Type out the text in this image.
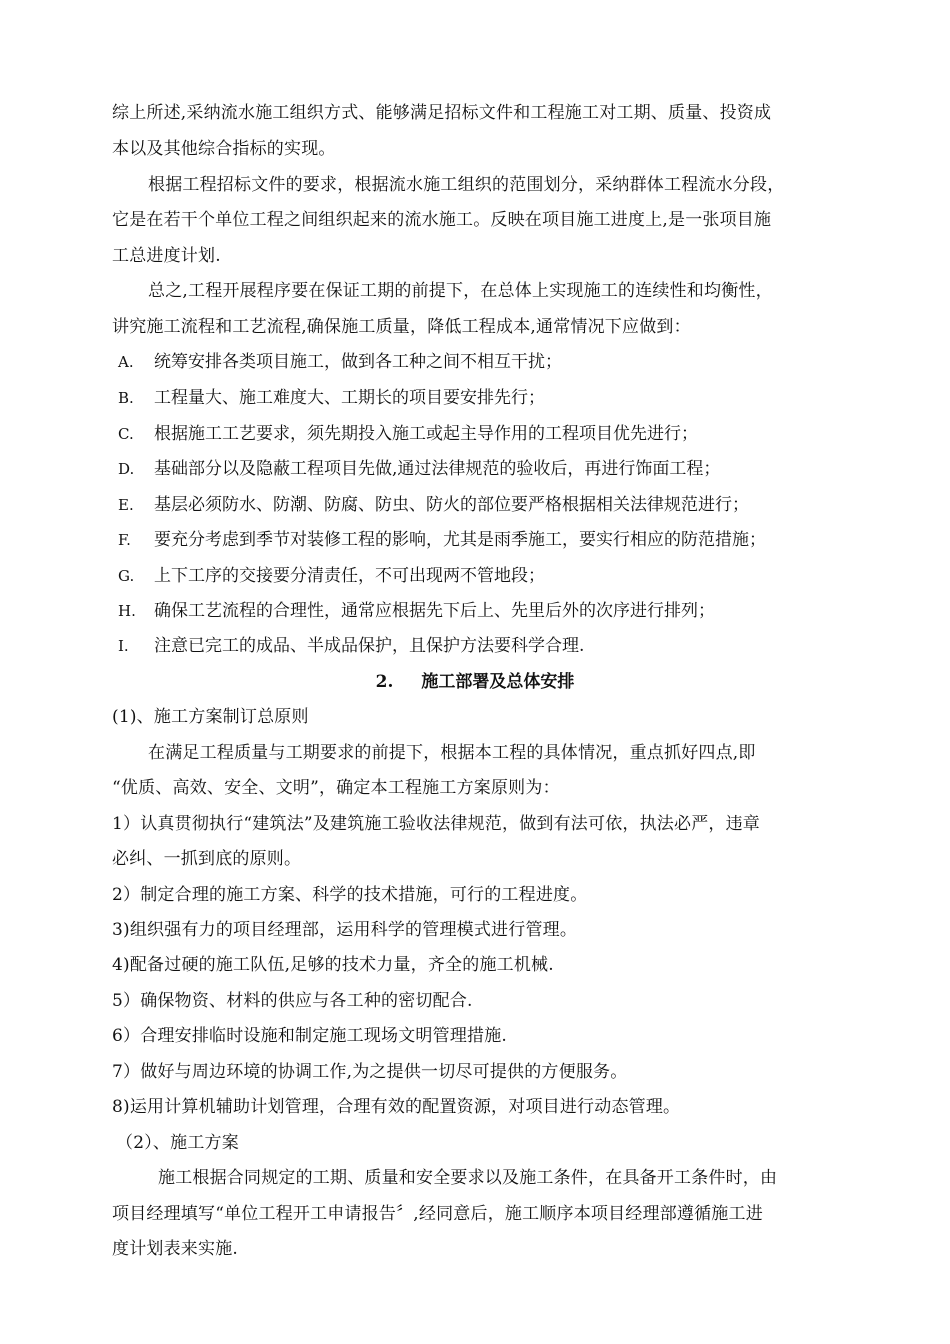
综上所述,采纳流水施工组织方式、能够满足招标文件和工程施工对工期、质量、投资成
本以及其他综合指标的实现。
根据工程招标文件的要求，根据流水施工组织的范围划分，采纳群体工程流水分段，
它是在若干个单位工程之间组织起来的流水施工。反映在项目施工进度上,是一张项目施
工总进度计划.
总之,工程开展程序要在保证工期的前提下，在总体上实现施工的连续性和均衡性，
讲究施工流程和工艺流程,确保施工质量，降低工程成本,通常情况下应做到：
A. 统筹安排各类项目施工，做到各工种之间不相互干扰；
B. 工程量大、施工难度大、工期长的项目要安排先行；
C. 根据施工工艺要求，须先期投入施工或起主导作用的工程项目优先进行；
D. 基础部分以及隐蔽工程项目先做,通过法律规范的验收后，再进行饰面工程；
E. 基层必须防水、防潮、防腐、防虫、防火的部位要严格根据相关法律规范进行；
F. 要充分考虑到季节对装修工程的影响，尤其是雨季施工，要实行相应的防范措施；
G. 上下工序的交接要分清责任，不可出现两不管地段；
H. 确保工艺流程的合理性，通常应根据先下后上、先里后外的次序进行排列；
I. 注意已完工的成品、半成品保护，且保护方法要科学合理.
2. 施工部署及总体安排
(1)、施工方案制订总原则
在满足工程质量与工期要求的前提下，根据本工程的具体情况，重点抓好四点,即
“优质、高效、安全、文明”，确定本工程施工方案原则为：
1）认真贯彻执行“建筑法”及建筑施工验收法律规范，做到有法可依，执法必严，违章
必纠、一抓到底的原则。
2）制定合理的施工方案、科学的技术措施，可行的工程进度。
3)组织强有力的项目经理部，运用科学的管理模式进行管理。
4)配备过硬的施工队伍,足够的技术力量，齐全的施工机械.
5）确保物资、材料的供应与各工种的密切配合.
6）合理安排临时设施和制定施工现场文明管理措施.
7）做好与周边环境的协调工作,为之提供一切尽可提供的方便服务。
8)运用计算机辅助计划管理，合理有效的配置资源，对项目进行动态管理。
（2）、施工方案
施工根据合同规定的工期、质量和安全要求以及施工条件，在具备开工条件时，由
项目经理填写“单位工程开工申请报告〞,经同意后，施工顺序本项目经理部遵循施工进
度计划表来实施.
